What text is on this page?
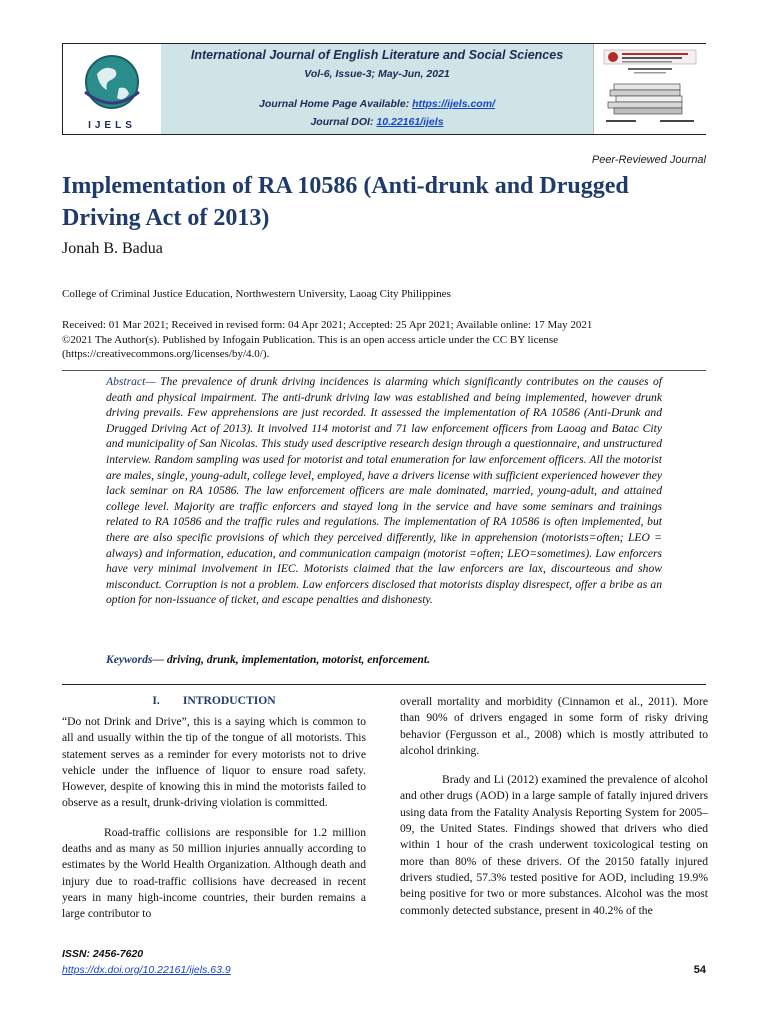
IJELS
International Journal of English Literature and Social Sciences
Vol-6, Issue-3; May-Jun, 2021
Journal Home Page Available: https://ijels.com/
Journal DOI: 10.22161/ijels
Peer-Reviewed Journal
Implementation of RA 10586 (Anti-drunk and Drugged
Driving Act of 2013)
Jonah B. Badua
College of Criminal Justice Education, Northwestern University, Laoag City Philippines
Received: 01 Mar 2021; Received in revised form: 04 Apr 2021; Accepted: 25 Apr 2021; Available online: 17 May 2021
©2021 The Author(s). Published by Infogain Publication. This is an open access article under the CC BY license
(https://creativecommons.org/licenses/by/4.0/).
Abstract— The prevalence of drunk driving incidences is alarming which significantly contributes on the causes of death and physical impairment. The anti-drunk driving law was established and being implemented, however drunk driving prevails. Few apprehensions are just recorded. It assessed the implementation of RA 10586 (Anti-Drunk and Drugged Driving Act of 2013). It involved 114 motorist and 71 law enforcement officers from Laoag and Batac City and municipality of San Nicolas. This study used descriptive research design through a questionnaire, and unstructured interview. Random sampling was used for motorist and total enumeration for law enforcement officers. All the motorist are males, single, young-adult, college level, employed, have a drivers license with sufficient experienced however they lack seminar on RA 10586. The law enforcement officers are male dominated, married, young-adult, and attained college level. Majority are traffic enforcers and stayed long in the service and have some seminars and trainings related to RA 10586 and the traffic rules and regulations. The implementation of RA 10586 is often implemented, but there are also specific provisions of which they perceived differently, like in apprehension (motorists=often; LEO = always) and information, education, and communication campaign (motorist =often; LEO=sometimes). Law enforcers have very minimal involvement in IEC. Motorists claimed that the law enforcers are lax, discourteous and show misconduct. Corruption is not a problem. Law enforcers disclosed that motorists display disrespect, offer a bribe as an option for non-issuance of ticket, and escape penalties and dishonesty.
Keywords— driving, drunk, implementation, motorist, enforcement.
I.        INTRODUCTION

“Do not Drink and Drive”, this is a saying which is common to all and usually within the tip of the tongue of all motorists. This statement serves as a reminder for every motorists not to drive vehicle under the influence of liquor to ensure road safety. However, despite of knowing this in mind the motorists failed to observe as a result, drunk-driving violation is committed.

Road-traffic collisions are responsible for 1.2 million deaths and as many as 50 million injuries annually according to estimates by the World Health Organization. Although death and injury due to road-traffic collisions have decreased in recent years in many high-income countries, their burden remains a large contributor to

overall mortality and morbidity (Cinnamon et al., 2011). More than 90% of drivers engaged in some form of risky driving behavior (Fergusson et al., 2008) which is mostly attributed to alcohol drinking.

Brady and Li (2012) examined the prevalence of alcohol and other drugs (AOD) in a large sample of fatally injured drivers using data from the Fatality Analysis Reporting System for 2005–09, the United States. Findings showed that drivers who died within 1 hour of the crash underwent toxicological testing on more than 80% of these drivers. Of the 20150 fatally injured drivers studied, 57.3% tested positive for AOD, including 19.9% being positive for two or more substances. Alcohol was the most commonly detected substance, present in 40.2% of the

ISSN: 2456-7620
https://dx.doi.org/10.22161/ijels.63.9	54
